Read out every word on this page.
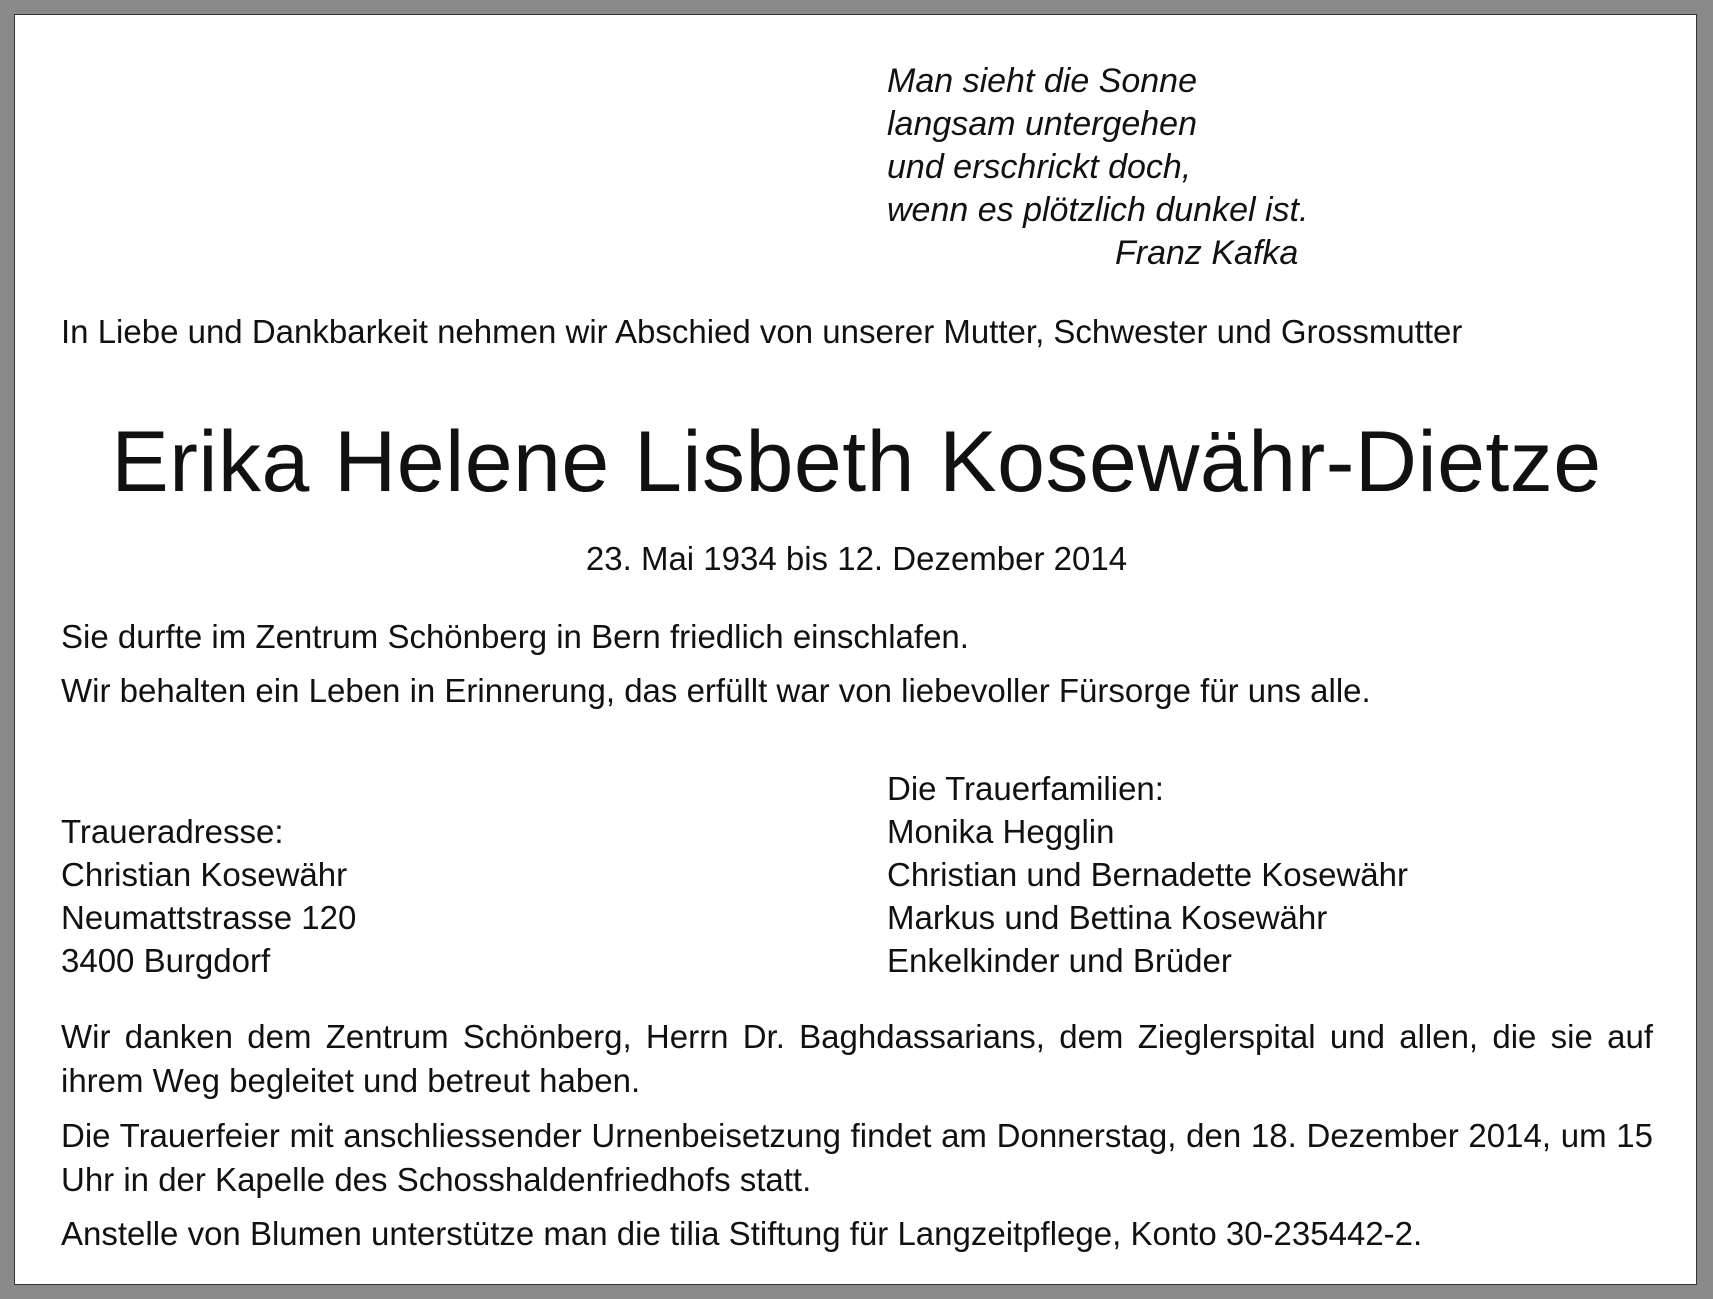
Man sieht die Sonne
langsam untergehen
und erschrickt doch,
wenn es plötzlich dunkel ist.
Franz Kafka
In Liebe und Dankbarkeit nehmen wir Abschied von unserer Mutter, Schwester und Grossmutter
Erika Helene Lisbeth Kosewähr-Dietze
23. Mai 1934 bis 12. Dezember 2014
Sie durfte im Zentrum Schönberg in Bern friedlich einschlafen.
Wir behalten ein Leben in Erinnerung, das erfüllt war von liebevoller Fürsorge für uns alle.
Traueradresse:
Christian Kosewähr
Neumattstrasse 120
3400 Burgdorf
Die Trauerfamilien:
Monika Hegglin
Christian und Bernadette Kosewähr
Markus und Bettina Kosewähr
Enkelkinder und Brüder
Wir danken dem Zentrum Schönberg, Herrn Dr. Baghdassarians, dem Zieglerspital und allen, die sie auf ihrem Weg begleitet und betreut haben.
Die Trauerfeier mit anschliessender Urnenbeisetzung findet am Donnerstag, den 18. Dezember 2014, um 15 Uhr in der Kapelle des Schosshaldenfriedhofs statt.
Anstelle von Blumen unterstütze man die tilia Stiftung für Langzeitpflege, Konto 30-235442-2.
